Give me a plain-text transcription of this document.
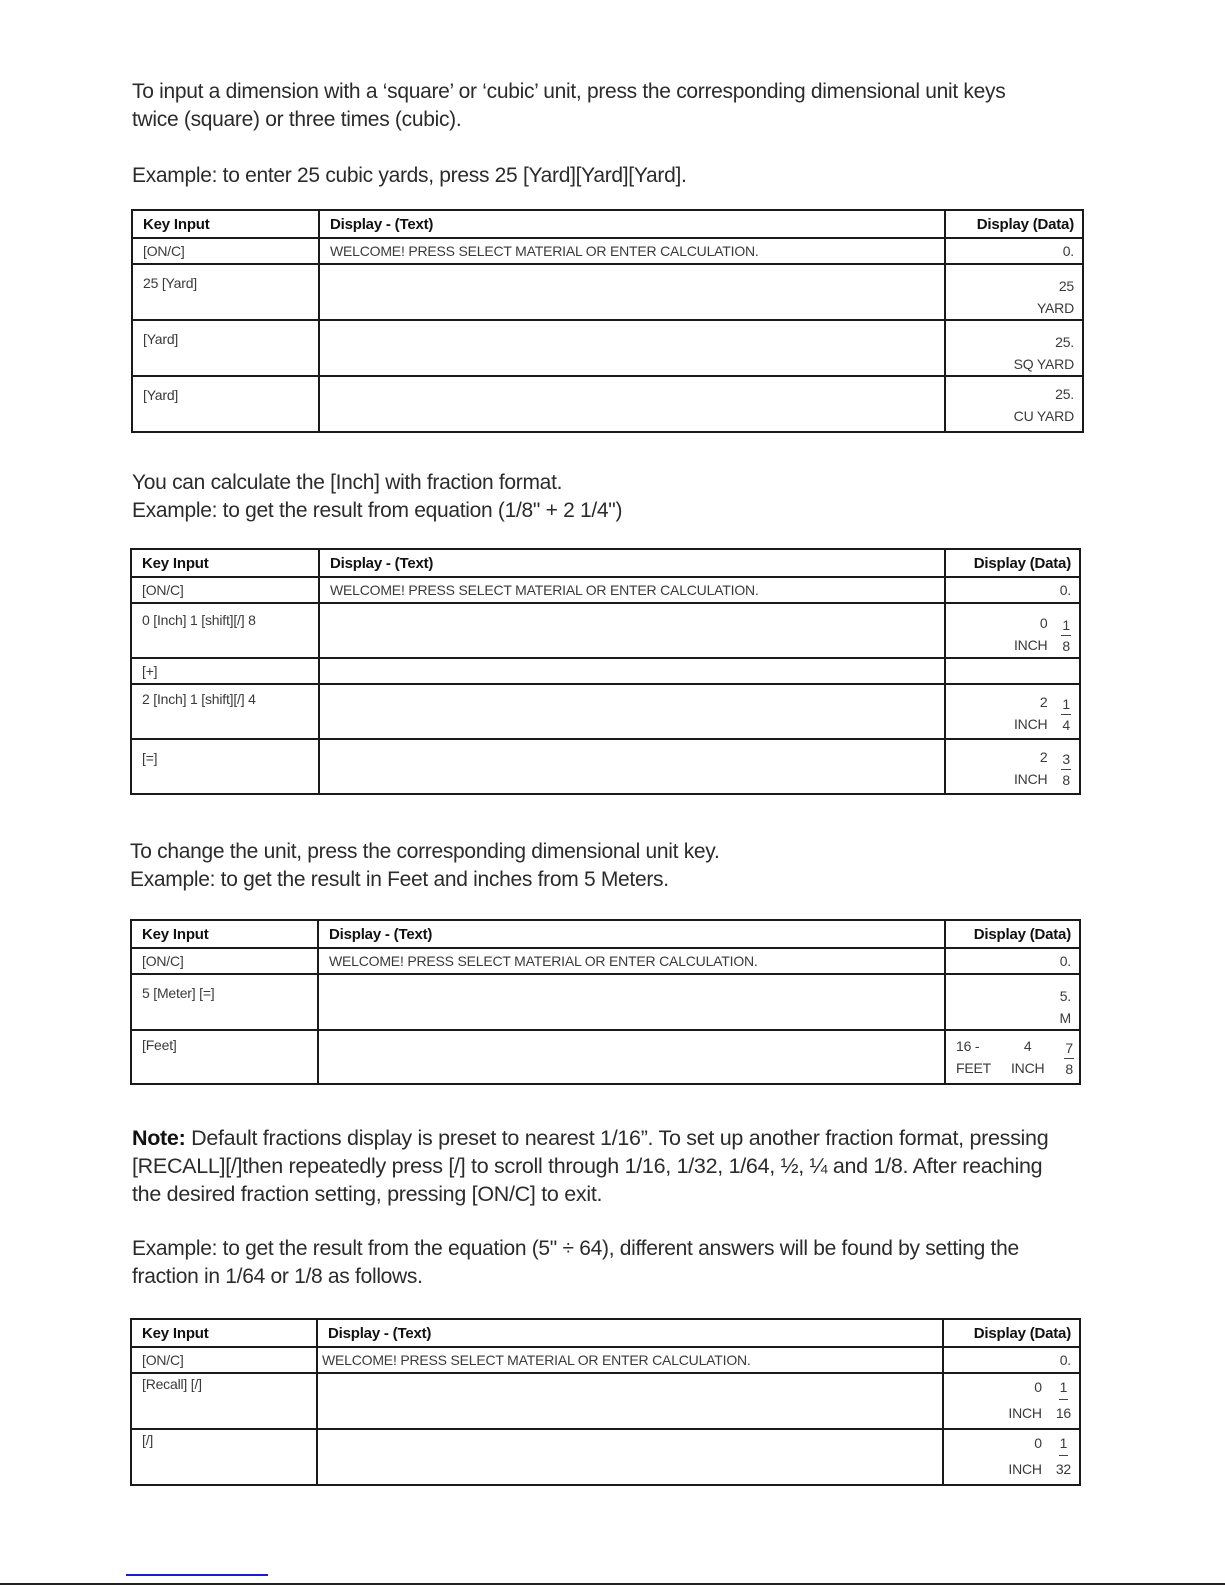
To input a dimension with a ‘square’ or ‘cubic’ unit, press the corresponding dimensional unit keys
twice (square) or three times (cubic).

Example: to enter 25 cubic yards, press 25 [Yard][Yard][Yard].

Key Input	Display - (Text)	Display (Data)
[ON/C]	WELCOME! PRESS SELECT MATERIAL OR ENTER CALCULATION.	0.

25 [Yard]		25
YARD

[Yard]		25.
SQ YARD

[Yard]		25.
CU YARD

You can calculate the [Inch] with fraction format.
Example: to get the result from equation (1/8" + 2 1/4")

Key Input	Display - (Text)	Display (Data)
[ON/C]	WELCOME! PRESS SELECT MATERIAL OR ENTER CALCULATION.	0.

0 [Inch] 1 [shift][/] 8		0
INCH $\frac{1}{8}$

[+]		

2 [Inch] 1 [shift][/] 4		2
INCH $\frac{1}{4}$

[=]		2
INCH $\frac{3}{8}$

To change the unit, press the corresponding dimensional unit key.
Example: to get the result in Feet and inches from 5 Meters.

Key Input	Display - (Text)	Display (Data)
[ON/C]	WELCOME! PRESS SELECT MATERIAL OR ENTER CALCULATION.	0.

5 [Meter] [=]		5.
M

[Feet]		16 -
FEET
4
INCH $\frac{7}{8}$

Note: Default fractions display is preset to nearest 1/16”. To set up another fraction format, pressing
[RECALL][/]then repeatedly press [/] to scroll through 1/16, 1/32, 1/64, ½, ¼ and 1/8. After reaching
the desired fraction setting, pressing [ON/C] to exit.

Example: to get the result from the equation (5" ÷ 64), different answers will be found by setting the
fraction in 1/64 or 1/8 as follows.

Key Input	Display - (Text)	Display (Data)
[ON/C]	WELCOME! PRESS SELECT MATERIAL OR ENTER CALCULATION.	0.

[Recall] [/]		0
INCH $\frac{1}{16}$

[/]		0
INCH $\frac{1}{32}$
